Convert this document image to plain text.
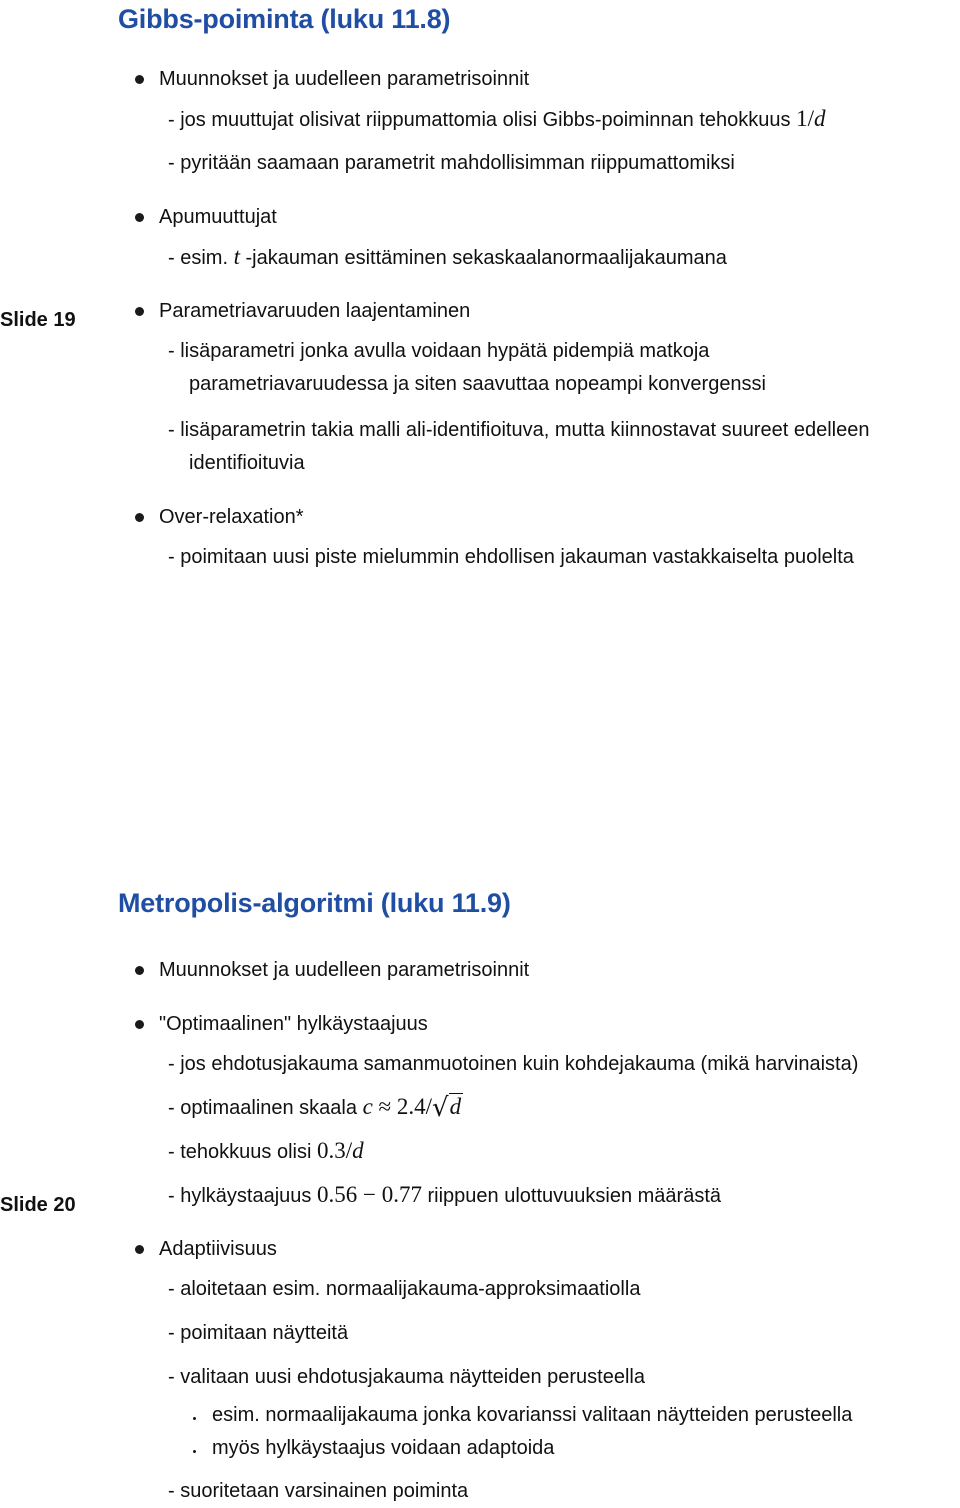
Gibbs-poiminta (luku 11.8)

Muunnokset ja uudelleen parametrisoinnit

- jos muuttujat olisivat riippumattomia olisi Gibbs-poiminnan tehokkuus 1/d

- pyritään saamaan parametrit mahdollisimman riippumattomiksi

Apumuuttujat

- esim. t -jakauman esittäminen sekaskaalanormaalijakaumana

Slide 19	Parametriavaruuden laajentaminen

- lisäparametri jonka avulla voidaan hypätä pidempiä matkoja

parametriavaruudessa ja siten saavuttaa nopeampi konvergenssi

- lisäparametrin takia malli ali-identifioituva, mutta kiinnostavat suureet edelleen

identifioituvia

Over-relaxation*

- poimitaan uusi piste mielummin ehdollisen jakauman vastakkaiselta puolelta

Metropolis-algoritmi (luku 11.9)

Muunnokset ja uudelleen parametrisoinnit

"Optimaalinen" hylkäystaajuus

- jos ehdotusjakauma samanmuotoinen kuin kohdejakauma (mikä harvinaista)

- optimaalinen skaala c ≈ 2.4/√d

- tehokkuus olisi 0.3/d

- hylkäystaajuus 0.56 − 0.77 riippuen ulottuvuuksien määrästä

Slide 20

Adaptiivisuus

- aloitetaan esim. normaalijakauma-approksimaatiolla

- poimitaan näytteitä

- valitaan uusi ehdotusjakauma näytteiden perusteella

esim. normaalijakauma jonka kovarianssi valitaan näytteiden perusteella

myös hylkäystaajus voidaan adaptoida

- suoritetaan varsinainen poiminta
